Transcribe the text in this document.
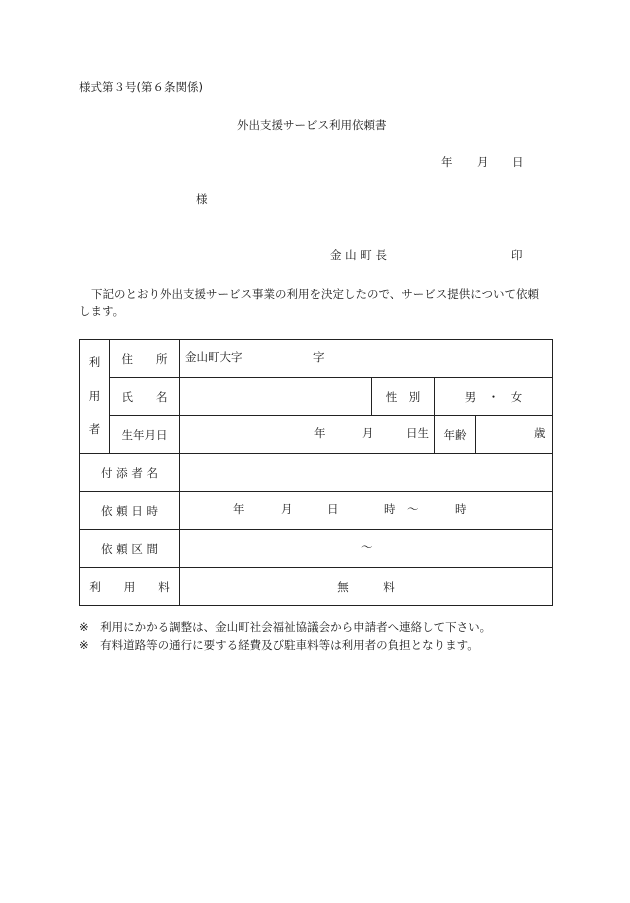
様式第３号(第６条関係)
外出支援サービス利用依頼書
年 月 日
様
金 山 町 長	印
下記のとおり外出支援サービス事業の利用を決定したので、サービス提供について依頼
します。
利
用
者	住　　所	金山町大字 字			

	氏　　名		性　別	男　・　女	
	生年月日	年 月 日生		年齢	歳

付 添 者 名					
依 頼 日 時		年 月 日 時　～ 時			

依 頼 区 間		～			

利　　用　　料		無　　　料			
※　利用にかかる調整は、金山町社会福祉協議会から申請者へ連絡して下さい。
※　有料道路等の通行に要する経費及び駐車料等は利用者の負担となります。
